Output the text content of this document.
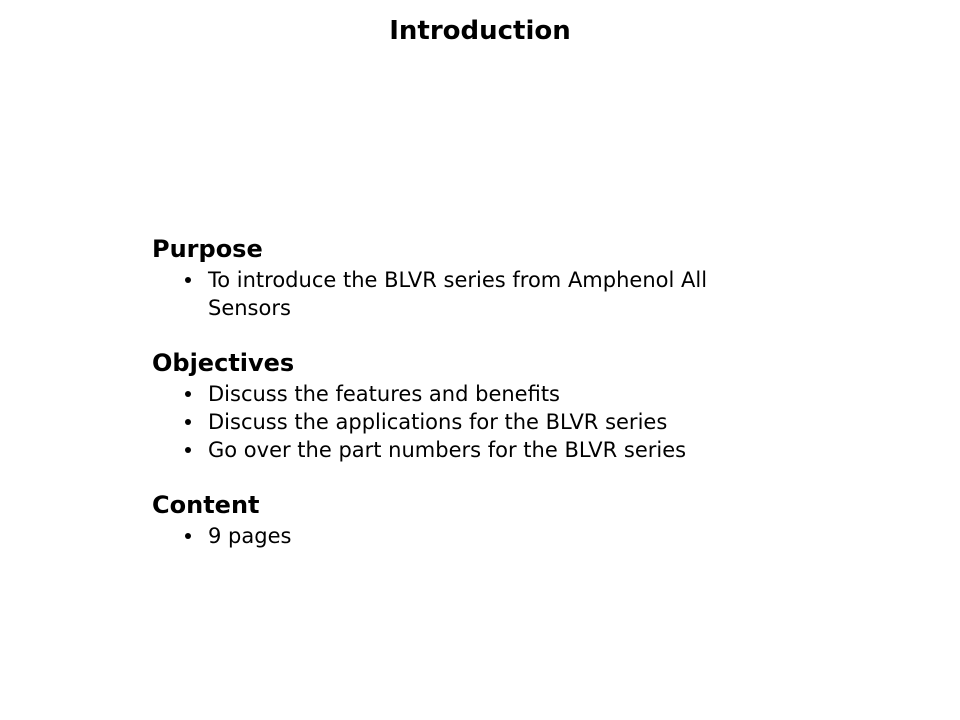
Introduction
Purpose
To introduce the BLVR series from Amphenol All Sensors
Objectives
Discuss the features and benefits
Discuss the applications for the BLVR series
Go over the part numbers for the BLVR series
Content
9 pages
